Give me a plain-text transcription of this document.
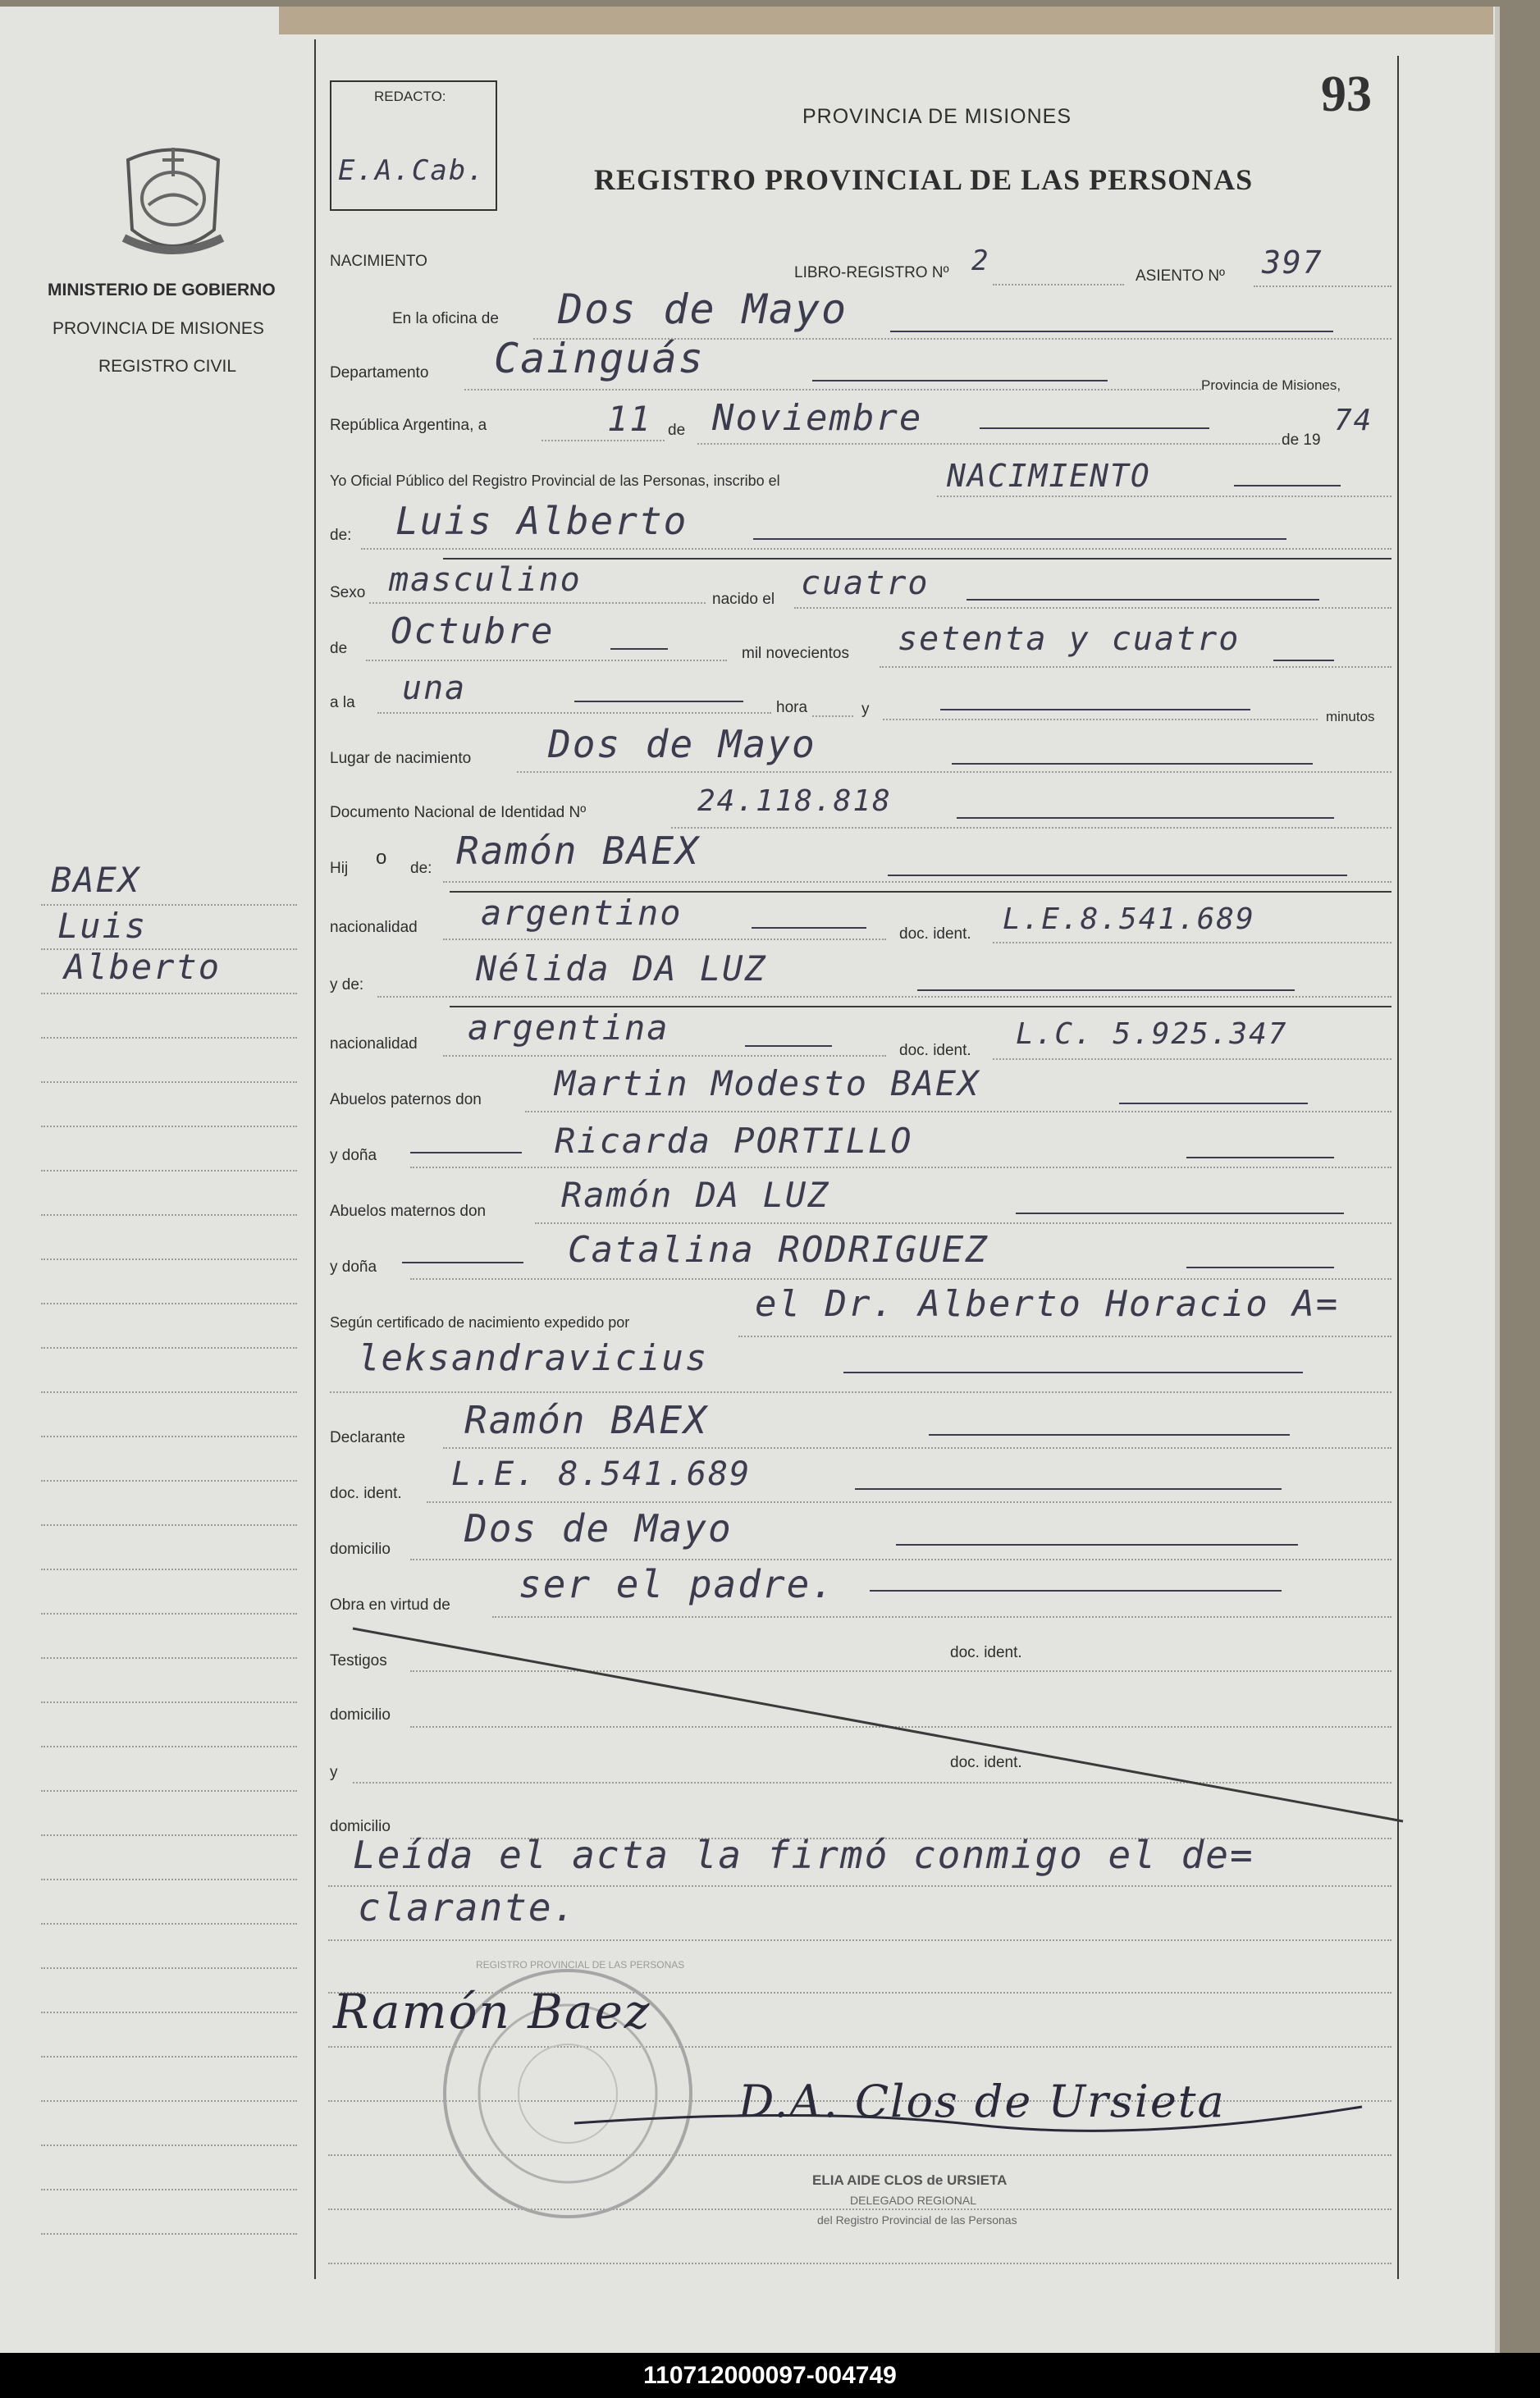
93
REDACTO:
E.A.Cab.
PROVINCIA DE MISIONES
REGISTRO PROVINCIAL DE LAS PERSONAS
MINISTERIO DE GOBIERNO
PROVINCIA DE MISIONES
REGISTRO CIVIL
BAEX
Luis
Alberto
NACIMIENTO
LIBRO-REGISTRO Nº 2	ASIENTO Nº 397
En la oficina de Dos de Mayo
Departamento Cainguás
Provincia de Misiones,
República Argentina, a	11 de Noviembre
de 19
74
Yo Oficial Público del Registro Provincial de las Personas, inscribo el	NACIMIENTO
de: Luis Alberto
Sexo masculino
nacido el cuatro
de Octubre
mil novecientos setenta y cuatro
a la una
hora	y	minutos
Lugar de nacimiento Dos de Mayo
Documento Nacional de Identidad Nº	24.118.818
Hij o de: Ramón BAEX
nacionalidad argentino
doc. ident. L.E.8.541.689
y de:	Nélida DA LUZ
nacionalidad argentina
doc. ident. L.C. 5.925.347
Abuelos paternos don Martin Modesto BAEX
y doña	Ricarda PORTILLO
Abuelos maternos don Ramón DA LUZ
y doña	Catalina RODRIGUEZ
Según certificado de nacimiento expedido por	el Dr. Alberto Horacio A=
leksandravicius
Declarante Ramón BAEX
doc. ident.
L.E. 8.541.689
domicilio Dos de Mayo
Obra en virtud de ser el padre.
Testigos	doc. ident.
domicilio
y
doc. ident.
domicilio
Leída el acta la firmó conmigo el de=
clarante.
REGISTRO PROVINCIAL DE LAS PERSONAS
Ramón Baez
D.A. Clos de Ursieta
ELIA AIDE CLOS de URSIETA
DELEGADO REGIONAL
del Registro Provincial de las Personas
110712000097-004749
